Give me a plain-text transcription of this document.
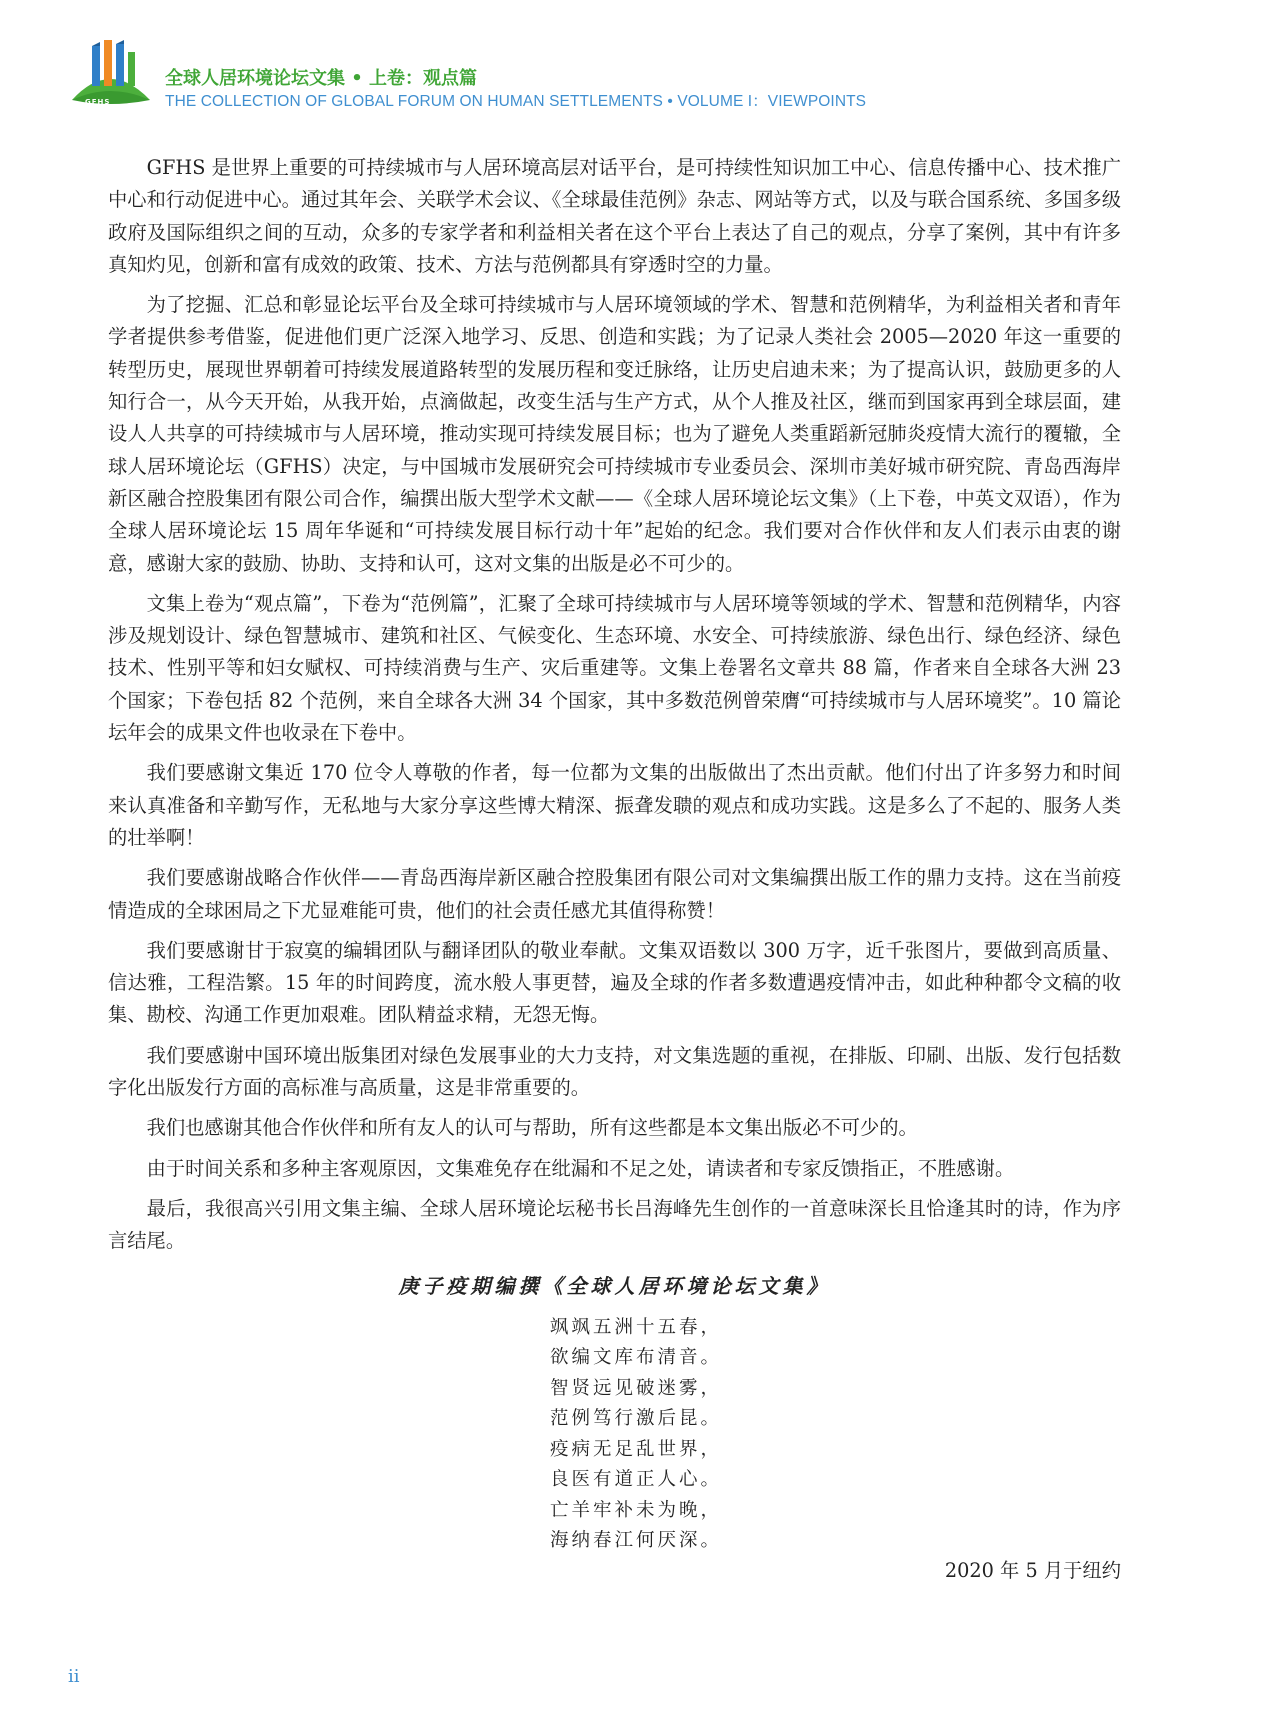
GFHS
全球人居环境论坛文集 • 上卷：观点篇
THE COLLECTION OF GLOBAL FORUM ON HUMAN SETTLEMENTS • VOLUME I：VIEWPOINTS

GFHS 是世界上重要的可持续城市与人居环境高层对话平台，是可持续性知识加工中心、信息传播中心、技术推广中心和行动促进中心。通过其年会、关联学术会议、《全球最佳范例》杂志、网站等方式，以及与联合国系统、多国多级政府及国际组织之间的互动，众多的专家学者和利益相关者在这个平台上表达了自己的观点，分享了案例，其中有许多真知灼见，创新和富有成效的政策、技术、方法与范例都具有穿透时空的力量。

为了挖掘、汇总和彰显论坛平台及全球可持续城市与人居环境领域的学术、智慧和范例精华，为利益相关者和青年学者提供参考借鉴，促进他们更广泛深入地学习、反思、创造和实践；为了记录人类社会 2005—2020 年这一重要的转型历史，展现世界朝着可持续发展道路转型的发展历程和变迁脉络，让历史启迪未来；为了提高认识，鼓励更多的人知行合一，从今天开始，从我开始，点滴做起，改变生活与生产方式，从个人推及社区，继而到国家再到全球层面，建设人人共享的可持续城市与人居环境，推动实现可持续发展目标；也为了避免人类重蹈新冠肺炎疫情大流行的覆辙，全球人居环境论坛（GFHS）决定，与中国城市发展研究会可持续城市专业委员会、深圳市美好城市研究院、青岛西海岸新区融合控股集团有限公司合作，编撰出版大型学术文献——《全球人居环境论坛文集》（上下卷，中英文双语），作为全球人居环境论坛 15 周年华诞和“可持续发展目标行动十年”起始的纪念。我们要对合作伙伴和友人们表示由衷的谢意，感谢大家的鼓励、协助、支持和认可，这对文集的出版是必不可少的。

文集上卷为“观点篇”，下卷为“范例篇”，汇聚了全球可持续城市与人居环境等领域的学术、智慧和范例精华，内容涉及规划设计、绿色智慧城市、建筑和社区、气候变化、生态环境、水安全、可持续旅游、绿色出行、绿色经济、绿色技术、性别平等和妇女赋权、可持续消费与生产、灾后重建等。文集上卷署名文章共 88 篇，作者来自全球各大洲 23 个国家；下卷包括 82 个范例，来自全球各大洲 34 个国家，其中多数范例曾荣膺“可持续城市与人居环境奖”。10 篇论坛年会的成果文件也收录在下卷中。

我们要感谢文集近 170 位令人尊敬的作者，每一位都为文集的出版做出了杰出贡献。他们付出了许多努力和时间来认真准备和辛勤写作，无私地与大家分享这些博大精深、振聋发聩的观点和成功实践。这是多么了不起的、服务人类的壮举啊！

我们要感谢战略合作伙伴——青岛西海岸新区融合控股集团有限公司对文集编撰出版工作的鼎力支持。这在当前疫情造成的全球困局之下尤显难能可贵，他们的社会责任感尤其值得称赞！

我们要感谢甘于寂寞的编辑团队与翻译团队的敬业奉献。文集双语数以 300 万字，近千张图片，要做到高质量、信达雅，工程浩繁。15 年的时间跨度，流水般人事更替，遍及全球的作者多数遭遇疫情冲击，如此种种都令文稿的收集、勘校、沟通工作更加艰难。团队精益求精，无怨无悔。

我们要感谢中国环境出版集团对绿色发展事业的大力支持，对文集选题的重视，在排版、印刷、出版、发行包括数字化出版发行方面的高标准与高质量，这是非常重要的。

我们也感谢其他合作伙伴和所有友人的认可与帮助，所有这些都是本文集出版必不可少的。

由于时间关系和多种主客观原因，文集难免存在纰漏和不足之处，请读者和专家反馈指正，不胜感谢。

最后，我很高兴引用文集主编、全球人居环境论坛秘书长吕海峰先生创作的一首意味深长且恰逢其时的诗，作为序言结尾。

庚子疫期编撰《全球人居环境论坛文集》
飒飒五洲十五春，
欲编文库布清音。
智贤远见破迷雾，
范例笃行激后昆。
疫病无足乱世界，
良医有道正人心。
亡羊牢补未为晚，
海纳春江何厌深。
2020 年 5 月于纽约
ii
